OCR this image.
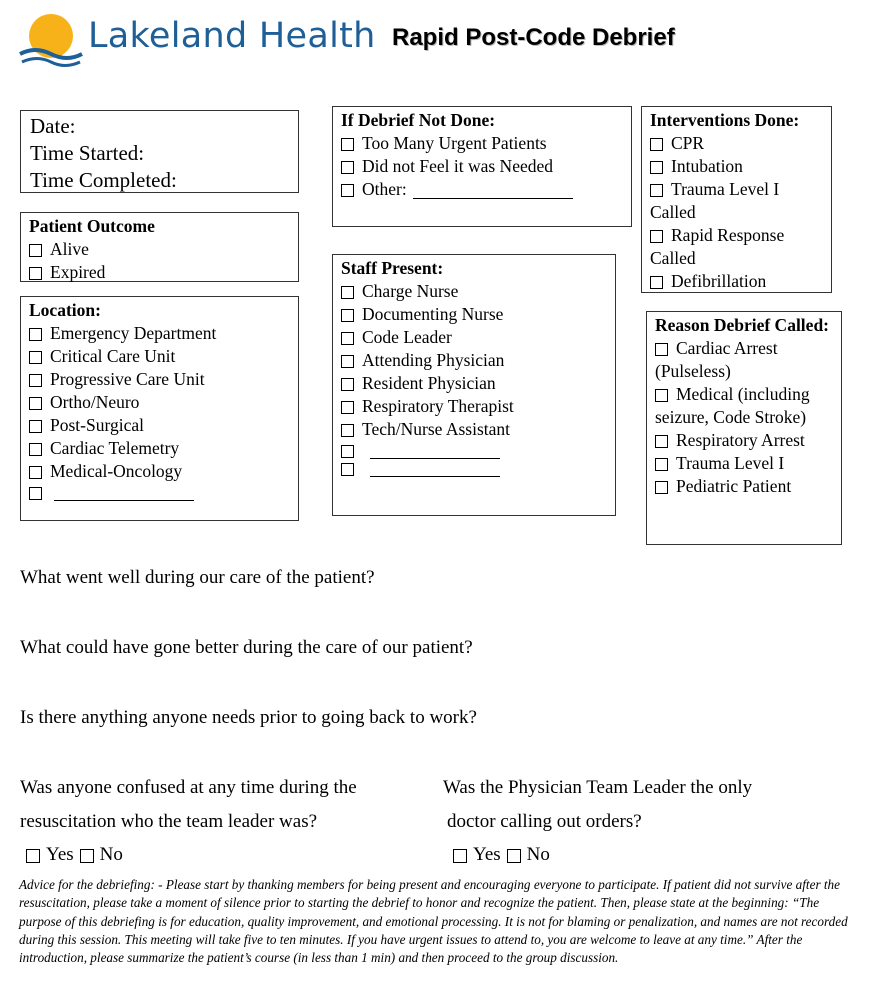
Lakeland Health Rapid Post-Code Debrief
Date:
Time Started:
Time Completed:
Patient Outcome
Alive
Expired
Location:
Emergency Department
Critical Care Unit
Progressive Care Unit
Ortho/Neuro
Post-Surgical
Cardiac Telemetry
Medical-Oncology
If Debrief Not Done:
Too Many Urgent Patients
Did not Feel it was Needed
Other:
Staff Present:
Charge Nurse
Documenting Nurse
Code Leader
Attending Physician
Resident Physician
Respiratory Therapist
Tech/Nurse Assistant
Interventions Done:
CPR
Intubation
Trauma Level I Called
Rapid Response Called
Defibrillation
Reason Debrief Called:
Cardiac Arrest (Pulseless)
Medical (including seizure, Code Stroke)
Respiratory Arrest
Trauma Level I
Pediatric Patient
What went well during our care of the patient?
What could have gone better during the care of our patient?
Is there anything anyone needs prior to going back to work?
Was anyone confused at any time during the
resuscitation who the team leader was?
Was the Physician Team Leader the only
doctor calling out orders?
Yes No	Yes No
Advice for the debriefing: - Please start by thanking members for being present and encouraging everyone to participate. If patient did not survive after the resuscitation, please take a moment of silence prior to starting the debrief to honor and recognize the patient. Then, please state at the beginning: “The purpose of this debriefing is for education, quality improvement, and emotional processing. It is not for blaming or penalization, and names are not recorded during this session. This meeting will take five to ten minutes. If you have urgent issues to attend to, you are welcome to leave at any time.” After the introduction, please summarize the patient’s course (in less than 1 min) and then proceed to the group discussion.
